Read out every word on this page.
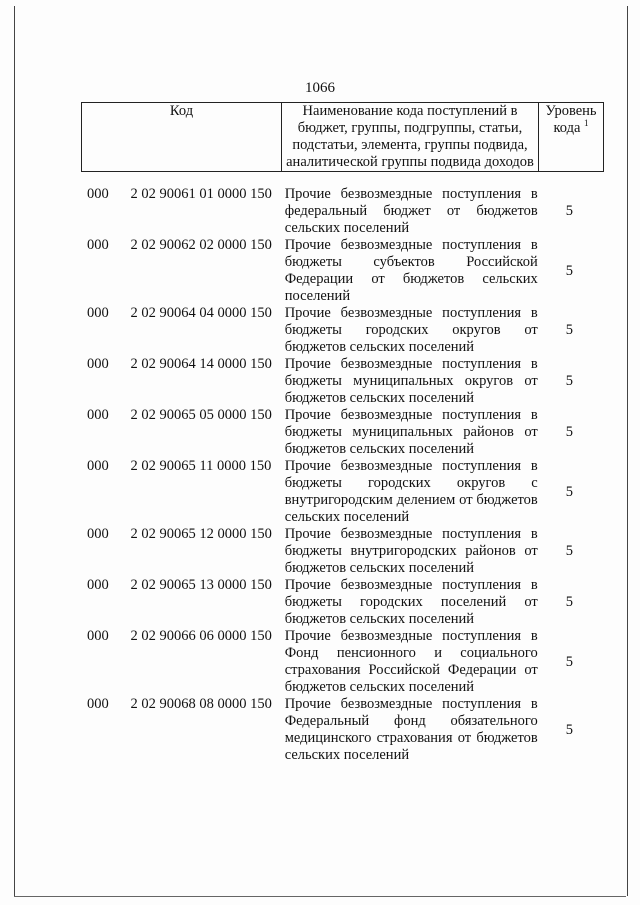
1066
Код	Наименование кода поступлений в
бюджет, группы, подгруппы, статьи,
подстатьи, элемента, группы подвида,
аналитической группы подвида доходов
	Уровень
кода $^1$
000	2 02 90061 01 0000 150 Прочие безвозмездные поступления в
федеральный бюджет от бюджетов
сельских поселений
5
000	2 02 90062 02 0000 150 Прочие безвозмездные поступления в
бюджеты субъектов Российской
Федерации от бюджетов сельских
поселений
5
000	2 02 90064 04 0000 150 Прочие безвозмездные поступления в
бюджеты городских округов от
бюджетов сельских поселений
5
000	2 02 90064 14 0000 150 Прочие безвозмездные поступления в
бюджеты муниципальных округов от
бюджетов сельских поселений
5
000	2 02 90065 05 0000 150 Прочие безвозмездные поступления в
бюджеты муниципальных районов от
бюджетов сельских поселений
5
000	2 02 90065 11 0000 150 Прочие безвозмездные поступления в
бюджеты городских округов с
внутригородским делением от бюджетов
сельских поселений
5
000	2 02 90065 12 0000 150 Прочие безвозмездные поступления в
бюджеты внутригородских районов от
бюджетов сельских поселений
5
000	2 02 90065 13 0000 150 Прочие безвозмездные поступления в
бюджеты городских поселений от
бюджетов сельских поселений
5
000	2 02 90066 06 0000 150 Прочие безвозмездные поступления в
Фонд пенсионного и социального
страхования Российской Федерации от
бюджетов сельских поселений
5
000	2 02 90068 08 0000 150 Прочие безвозмездные поступления в
Федеральный фонд обязательного
медицинского страхования от бюджетов
сельских поселений
5
